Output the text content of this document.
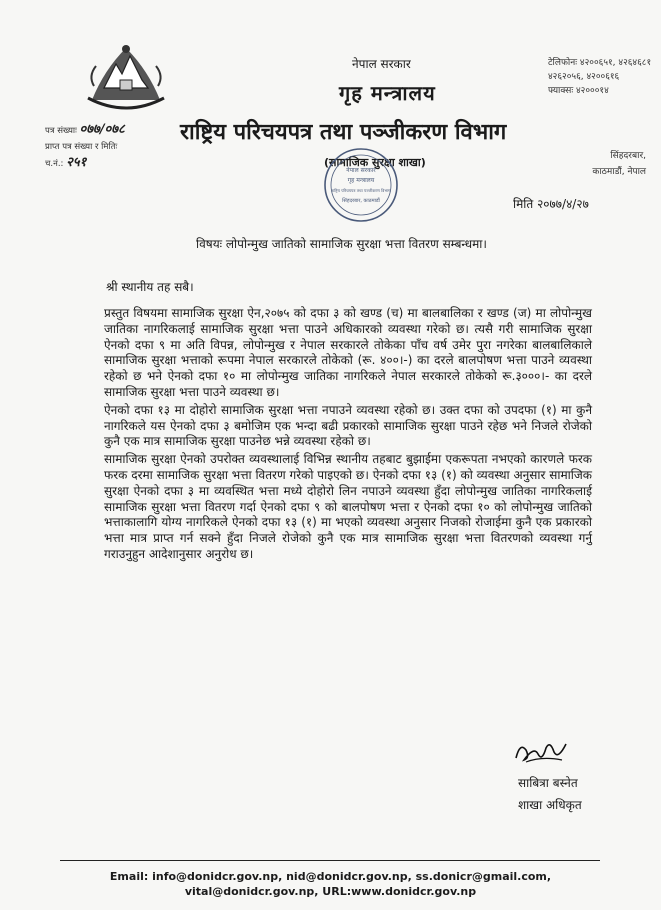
नेपाल सरकार
गृह मन्त्रालय
राष्ट्रिय परिचयपत्र तथा पञ्जीकरण विभाग
(सामाजिक सुरक्षा शाखा)
टेलिफोनः ४२००६५१, ४२६४६८१
४२६२०५६, ४२००६१६
फ्याक्सः ४२०००१४
सिंहदरबार,
काठमाडौं, नेपाल
पत्र संख्याः ०७७/०७८
प्राप्त पत्र संख्या र मितिः
च.नं.: २५१
नेपाल सरकार
गृह मन्त्रालय
राष्ट्रिय परिचयपत्र तथा पञ्जीकरण विभाग
सिंहदरबार, काठमाडौं	मिति २०७७/४/२७
विषयः लोपोन्मुख जातिको सामाजिक सुरक्षा भत्ता वितरण सम्बन्धमा।
श्री स्थानीय तह सबै।

प्रस्तुत विषयमा सामाजिक सुरक्षा ऐन,२०७५ को दफा ३ को खण्ड (च) मा बालबालिका र खण्ड (ज) मा लोपोन्मुख जातिका नागरिकलाई सामाजिक सुरक्षा भत्ता पाउने अधिकारको व्यवस्था गरेको छ। त्यसै गरी सामाजिक सुरक्षा ऐनको दफा ९ मा अति विपन्न, लोपोन्मुख र नेपाल सरकारले तोकेका पाँच वर्ष उमेर पुरा नगरेका बालबालिकाले सामाजिक सुरक्षा भत्ताको रूपमा नेपाल सरकारले तोकेको (रू. ४००।-) का दरले बालपोषण भत्ता पाउने व्यवस्था रहेको छ भने ऐनको दफा १० मा लोपोन्मुख जातिका नागरिकले नेपाल सरकारले तोकेको रू.३०००।- का दरले सामाजिक सुरक्षा भत्ता पाउने व्यवस्था छ।

ऐनको दफा १३ मा दोहोरो सामाजिक सुरक्षा भत्ता नपाउने व्यवस्था रहेको छ। उक्त दफा को उपदफा (१) मा कुनै नागरिकले यस ऐनको दफा ३ बमोजिम एक भन्दा बढी प्रकारको सामाजिक सुरक्षा पाउने रहेछ भने निजले रोजेको कुनै एक मात्र सामाजिक सुरक्षा पाउनेछ भन्ने व्यवस्था रहेको छ।

सामाजिक सुरक्षा ऐनको उपरोक्त व्यवस्थालाई विभिन्न स्थानीय तहबाट बुझाईमा एकरूपता नभएको कारणले फरक फरक दरमा सामाजिक सुरक्षा भत्ता वितरण गरेको पाइएको छ। ऐनको दफा १३ (१) को व्यवस्था अनुसार सामाजिक सुरक्षा ऐनको दफा ३ मा व्यवस्थित भत्ता मध्ये दोहोरो लिन नपाउने व्यवस्था हुँदा लोपोन्मुख जातिका नागरिकलाई सामाजिक सुरक्षा भत्ता वितरण गर्दा ऐनको दफा ९ को बालपोषण भत्ता र ऐनको दफा १० को लोपोन्मुख जातिको भत्ताकालागि योग्य नागरिकले ऐनको दफा १३ (१) मा भएको व्यवस्था अनुसार निजको रोजाईमा कुनै एक प्रकारको भत्ता मात्र प्राप्त गर्न सक्ने हुँदा निजले रोजेको कुनै एक मात्र सामाजिक सुरक्षा भत्ता वितरणको व्यवस्था गर्नु गराउनुहुन आदेशानुसार अनुरोध छ।

साबित्रा बस्नेत
शाखा अधिकृत
Email: info@donidcr.gov.np, nid@donidcr.gov.np, ss.donicr@gmail.com,
vital@donidcr.gov.np, URL:www.donidcr.gov.np
